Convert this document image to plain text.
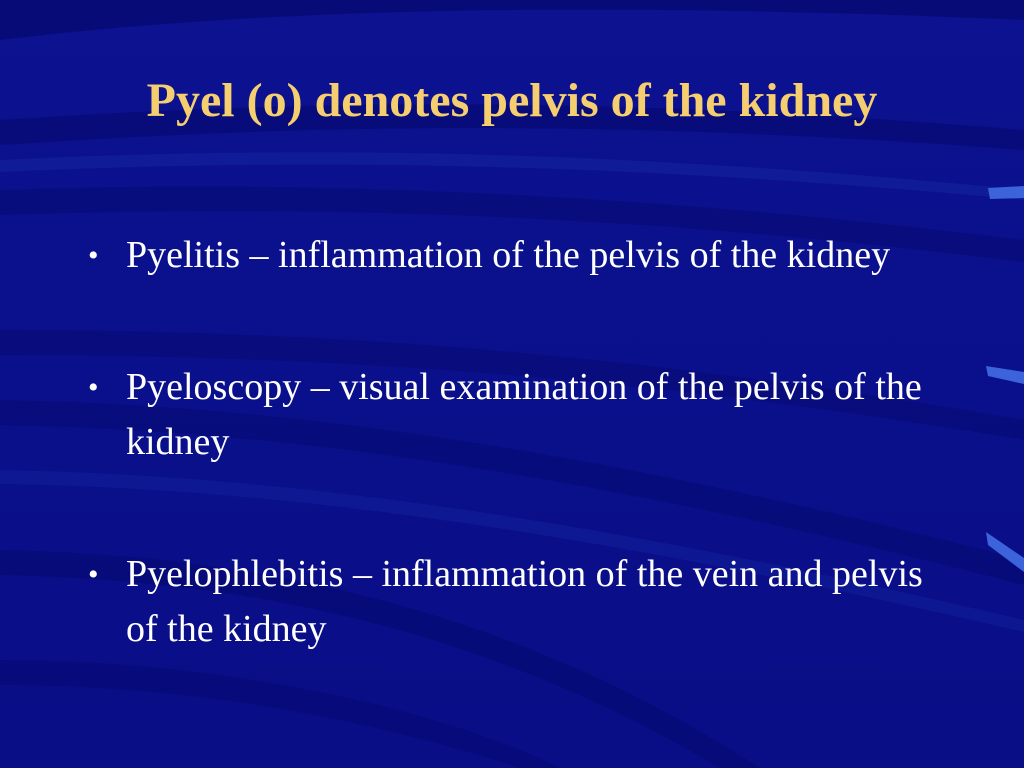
Pyel (o) denotes pelvis of the kidney
• Pyelitis – inflammation of the pelvis of the kidney
• Pyeloscopy – visual examination of the pelvis of the kidney
• Pyelophlebitis – inflammation of the vein and pelvis of the kidney
